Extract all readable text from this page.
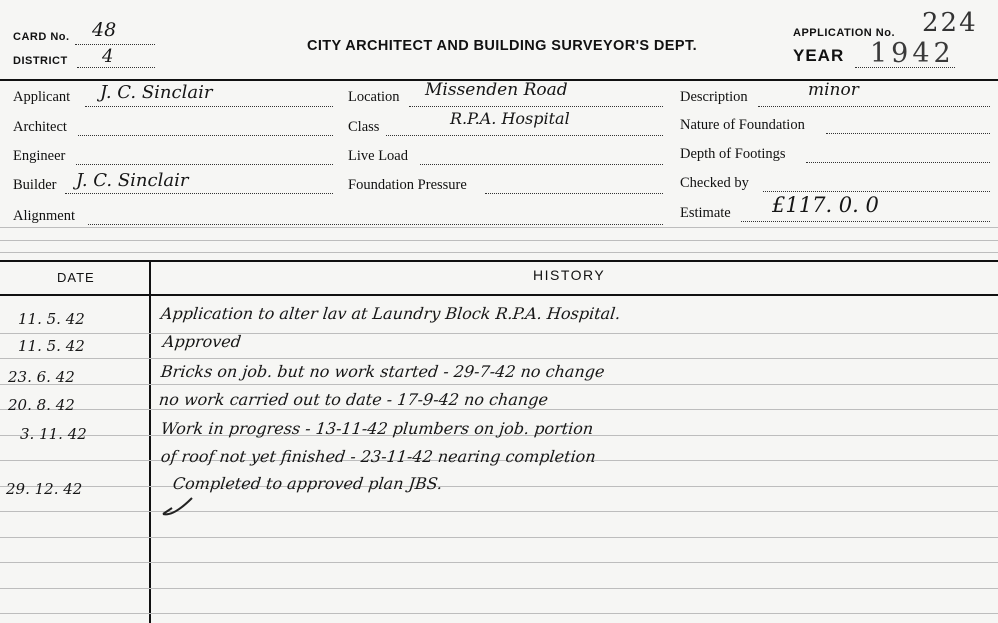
CARD No. 48
DISTRICT 4	CITY ARCHITECT AND BUILDING SURVEYOR'S DEPT.
APPLICATION No. 224
YEAR 1942
Applicant J. C. Sinclair
Architect
Engineer
Builder J. C. Sinclair
Alignment
Location Missenden Road
Class	R.P.A. Hospital
Live Load
Foundation Pressure
Description	minor
Nature of Foundation
Depth of Footings
Checked by
Estimate £117. 0. 0
DATE	HISTORY
11. 5. 42	Application to alter lav at Laundry Block R.P.A. Hospital.
11. 5. 42	Approved
23. 6. 42	Bricks on job. but no work started - 29-7-42 no change
20. 8. 42	no work carried out to date - 17-9-42 no change
3. 11. 42	Work in progress - 13-11-42 plumbers on job. portion
of roof not yet finished - 23-11-42 nearing completion
29. 12. 42	Completed to approved plan JBS.
